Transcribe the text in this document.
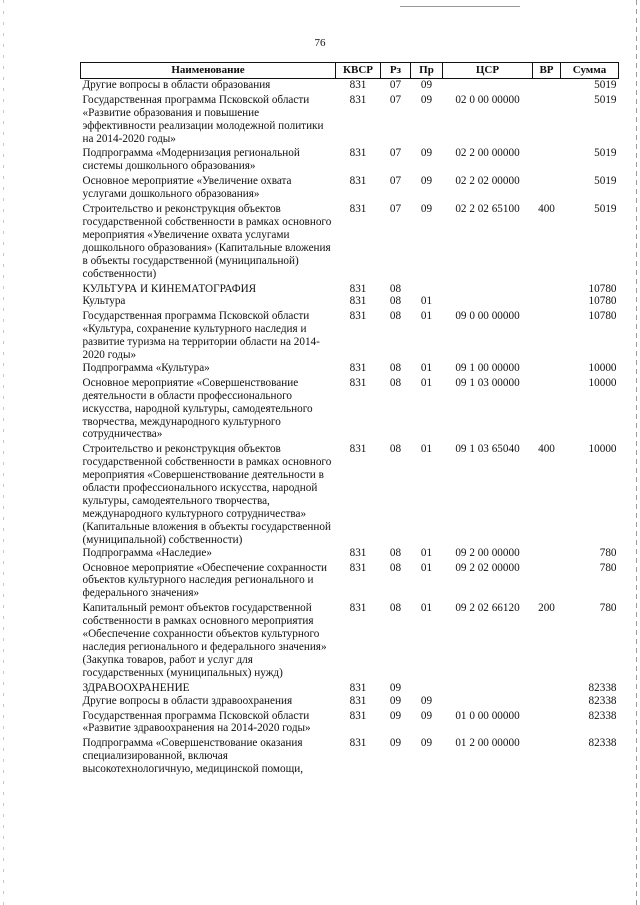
76
Наименование	КВСР	Рз	Пр	ЦСР	ВР	Сумма
Другие вопросы в области образования	831	07	09			5019
Государственная программа Псковской области «Развитие образования и повышение эффективности реализации молодежной политики на 2014-2020 годы»	831	07	09	02 0 00 00000		5019
Подпрограмма «Модернизация региональной системы дошкольного образования»	831	07	09	02 2 00 00000		5019
Основное мероприятие «Увеличение охвата услугами дошкольного образования»	831	07	09	02 2 02 00000		5019
Строительство и реконструкция объектов государственной собственности в рамках основного мероприятия «Увеличение охвата услугами дошкольного образования» (Капитальные вложения в объекты государственной (муниципальной) собственности)	831	07	09	02 2 02 65100	400	5019
КУЛЬТУРА И КИНЕМАТОГРАФИЯ	831	08				10780
Культура	831	08	01			10780
Государственная программа Псковской области «Культура, сохранение культурного наследия и развитие туризма на территории области на 2014-2020 годы»	831	08	01	09 0 00 00000		10780
Подпрограмма «Культура»	831	08	01	09 1 00 00000		10000
Основное мероприятие «Совершенствование деятельности в области профессионального искусства, народной культуры, самодеятельного творчества, международного культурного сотрудничества»	831	08	01	09 1 03 00000		10000
Строительство и реконструкция объектов государственной собственности в рамках основного мероприятия «Совершенствование деятельности в области профессионального искусства, народной культуры, самодеятельного творчества, международного культурного сотрудничества» (Капитальные вложения в объекты государственной (муниципальной) собственности)	831	08	01	09 1 03 65040	400	10000
Подпрограмма «Наследие»	831	08	01	09 2 00 00000		780
Основное мероприятие «Обеспечение сохранности объектов культурного наследия регионального и федерального значения»	831	08	01	09 2 02 00000		780
Капитальный ремонт объектов государственной собственности в рамках основного мероприятия «Обеспечение сохранности объектов культурного наследия регионального и федерального значения» (Закупка товаров, работ и услуг для государственных (муниципальных) нужд)	831	08	01	09 2 02 66120	200	780
ЗДРАВООХРАНЕНИЕ	831	09				82338
Другие вопросы в области здравоохранения	831	09	09			82338
Государственная программа Псковской области «Развитие здравоохранения на 2014-2020 годы»	831	09	09	01 0 00 00000		82338
Подпрограмма «Совершенствование оказания специализированной, включая высокотехнологичную, медицинской помощи,	831	09	09	01 2 00 00000		82338
